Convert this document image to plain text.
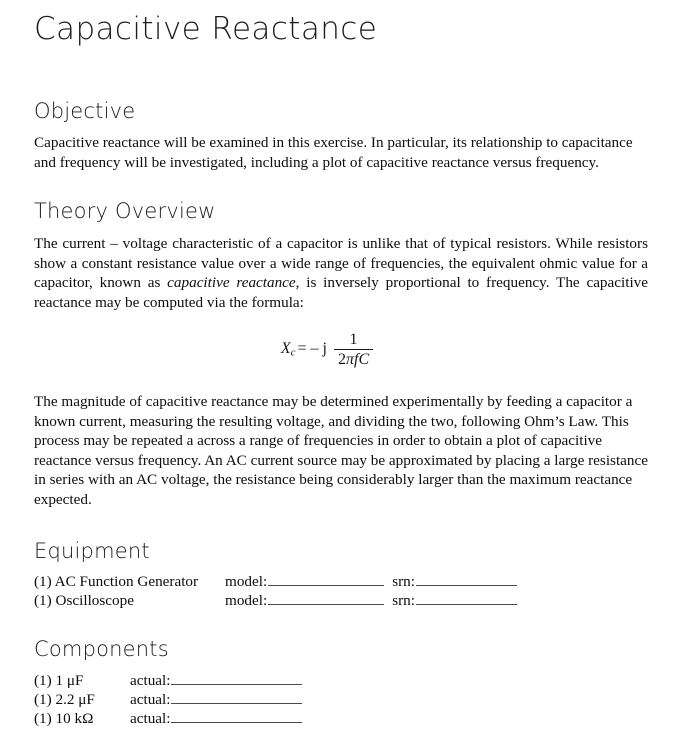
Capacitive Reactance
Objective

Capacitive reactance will be examined in this exercise. In particular, its relationship to capacitance and frequency will be investigated, including a plot of capacitive reactance versus frequency.

Theory Overview

The current – voltage characteristic of a capacitor is unlike that of typical resistors. While resistors show a constant resistance value over a wide range of frequencies, the equivalent ohmic value for a capacitor, known as capacitive reactance, is inversely proportional to frequency. The capacitive reactance may be computed via the formula:

$X_c$ = – j $\frac{1}{\text{2πfC}}$

The magnitude of capacitive reactance may be determined experimentally by feeding a capacitor a known current, measuring the resulting voltage, and dividing the two, following Ohm’s Law. This process may be repeated a across a range of frequencies in order to obtain a plot of capacitive reactance versus frequency. An AC current source may be approximated by placing a large resistance in series with an AC voltage, the resistance being considerably larger than the maximum reactance expected.

Equipment
(1) AC Function Generator	model:	srn:
(1) Oscilloscope	model:	srn:
Components
(1) 1 μF	actual:
(1) 2.2 μF	actual:
(1) 10 kΩ	actual:
